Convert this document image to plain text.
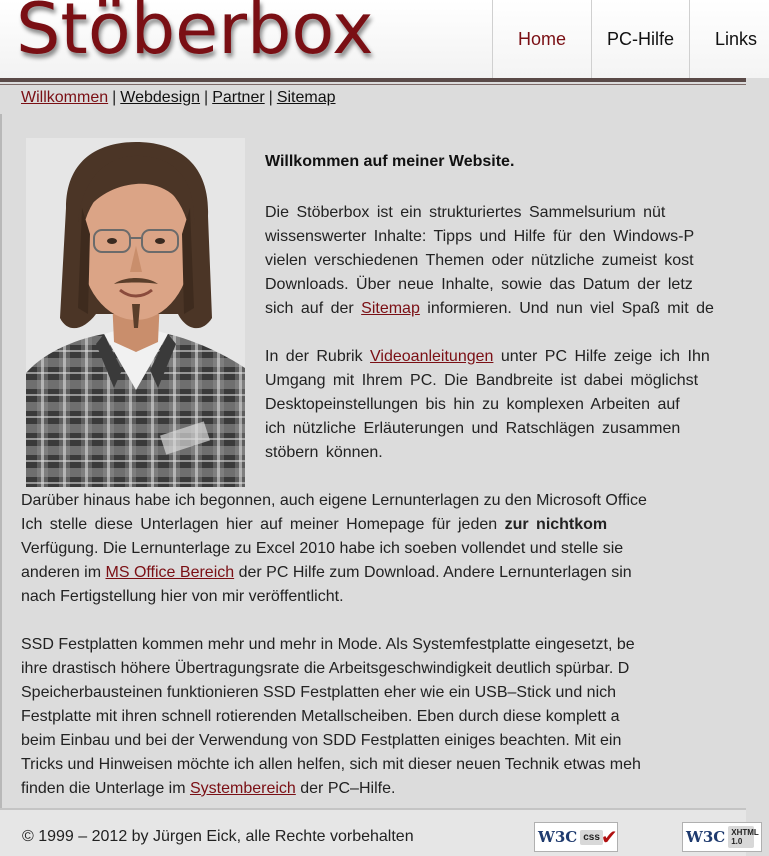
Stöberbox	Home	PC-Hilfe	Links
Willkommen | Webdesign | Partner | Sitemap
Willkommen auf meiner Website.
Die Stöberbox ist ein strukturiertes Sammelsurium nüt
wissenswerter Inhalte: Tipps und Hilfe für den Windows-P
vielen verschiedenen Themen oder nützliche zumeist kost
Downloads. Über neue Inhalte, sowie das Datum der letz
sich auf der Sitemap informieren. Und nun viel Spaß mit de
In der Rubrik Videoanleitungen unter PC Hilfe zeige ich Ihn
Umgang mit Ihrem PC. Die Bandbreite ist dabei möglichst
Desktopeinstellungen bis hin zu komplexen Arbeiten auf
ich nützliche Erläuterungen und Ratschlägen zusammen
stöbern können.
Darüber hinaus habe ich begonnen, auch eigene Lernunterlagen zu den Microsoft Office
Ich stelle diese Unterlagen hier auf meiner Homepage für jeden zur nichtkom
Verfügung. Die Lernunterlage zu Excel 2010 habe ich soeben vollendet und stelle sie
anderen im MS Office Bereich der PC Hilfe zum Download. Andere Lernunterlagen sin
nach Fertigstellung hier von mir veröffentlicht.
SSD Festplatten kommen mehr und mehr in Mode. Als Systemfestplatte eingesetzt, be
ihre drastisch höhere Übertragungsrate die Arbeitsgeschwindigkeit deutlich spürbar. D
Speicherbausteinen funktionieren SSD Festplatten eher wie ein USB–Stick und nich
Festplatte mit ihren schnell rotierenden Metallscheiben. Eben durch diese komplett a
beim Einbau und bei der Verwendung von SDD Festplatten einiges beachten. Mit ein
Tricks und Hinweisen möchte ich allen helfen, sich mit dieser neuen Technik etwas meh
finden die Unterlage im Systembereich der PC–Hilfe.
© 1999 – 2012 by Jürgen Eick, alle Rechte vorbehalten	W3C css ✔	W3C XHTML 1.0
